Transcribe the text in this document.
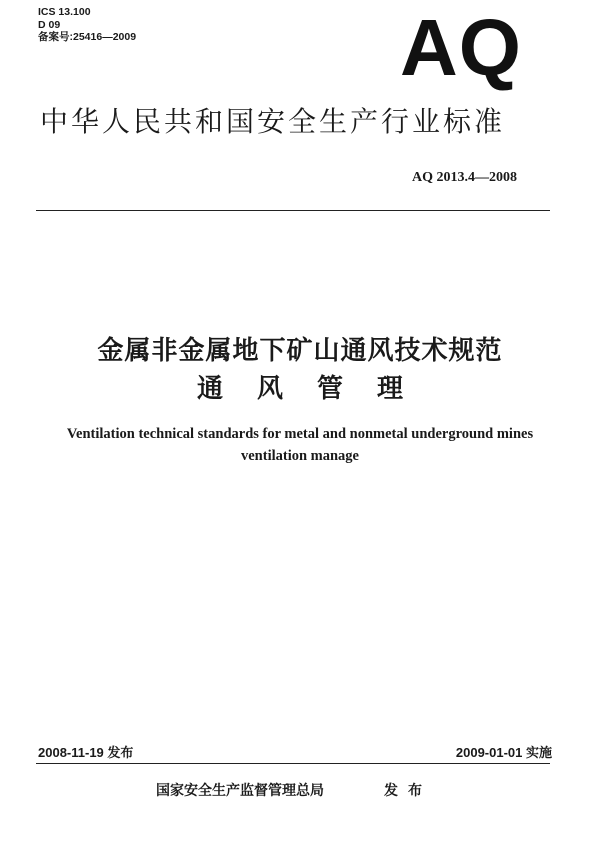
ICS 13.100
D 09
备案号:25416—2009	AQ
中华人民共和国安全生产行业标准
AQ 2013.4—2008
金属非金属地下矿山通风技术规范
通风管理
Ventilation technical standards for metal and nonmetal underground mines
ventilation manage
2008-11-19 发布	2009-01-01 实施
国家安全生产监督管理总局	发布
